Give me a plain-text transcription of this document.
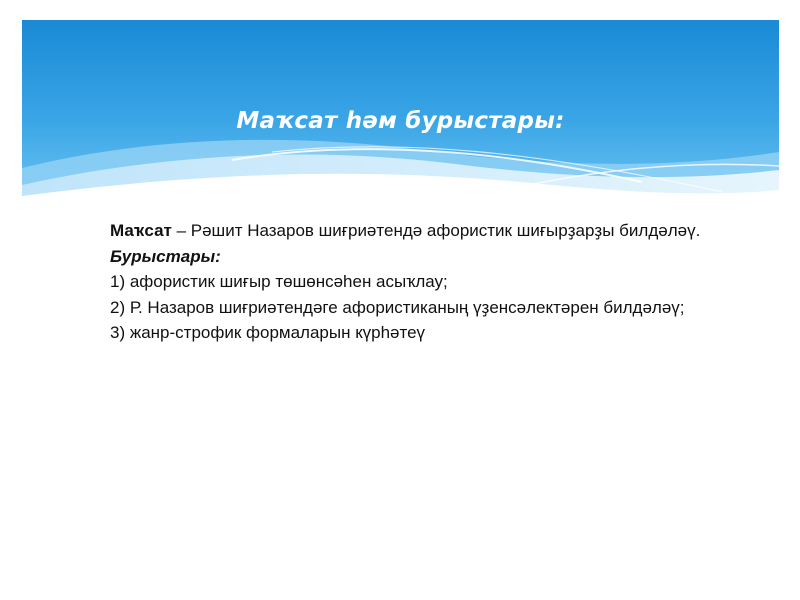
Маҡсат һәм бурыстары:

Маҡсат – Рәшит Назаров шиғриәтендә афористик шиғырҙарҙы билдәләү.

Бурыстары:

1) афористик шиғыр төшөнсәһен асыҡлау;

2) Р. Назаров шиғриәтендәге афористиканың үҙенсәлектәрен билдәләү;

3) жанр-строфик формаларын күрһәтеү
